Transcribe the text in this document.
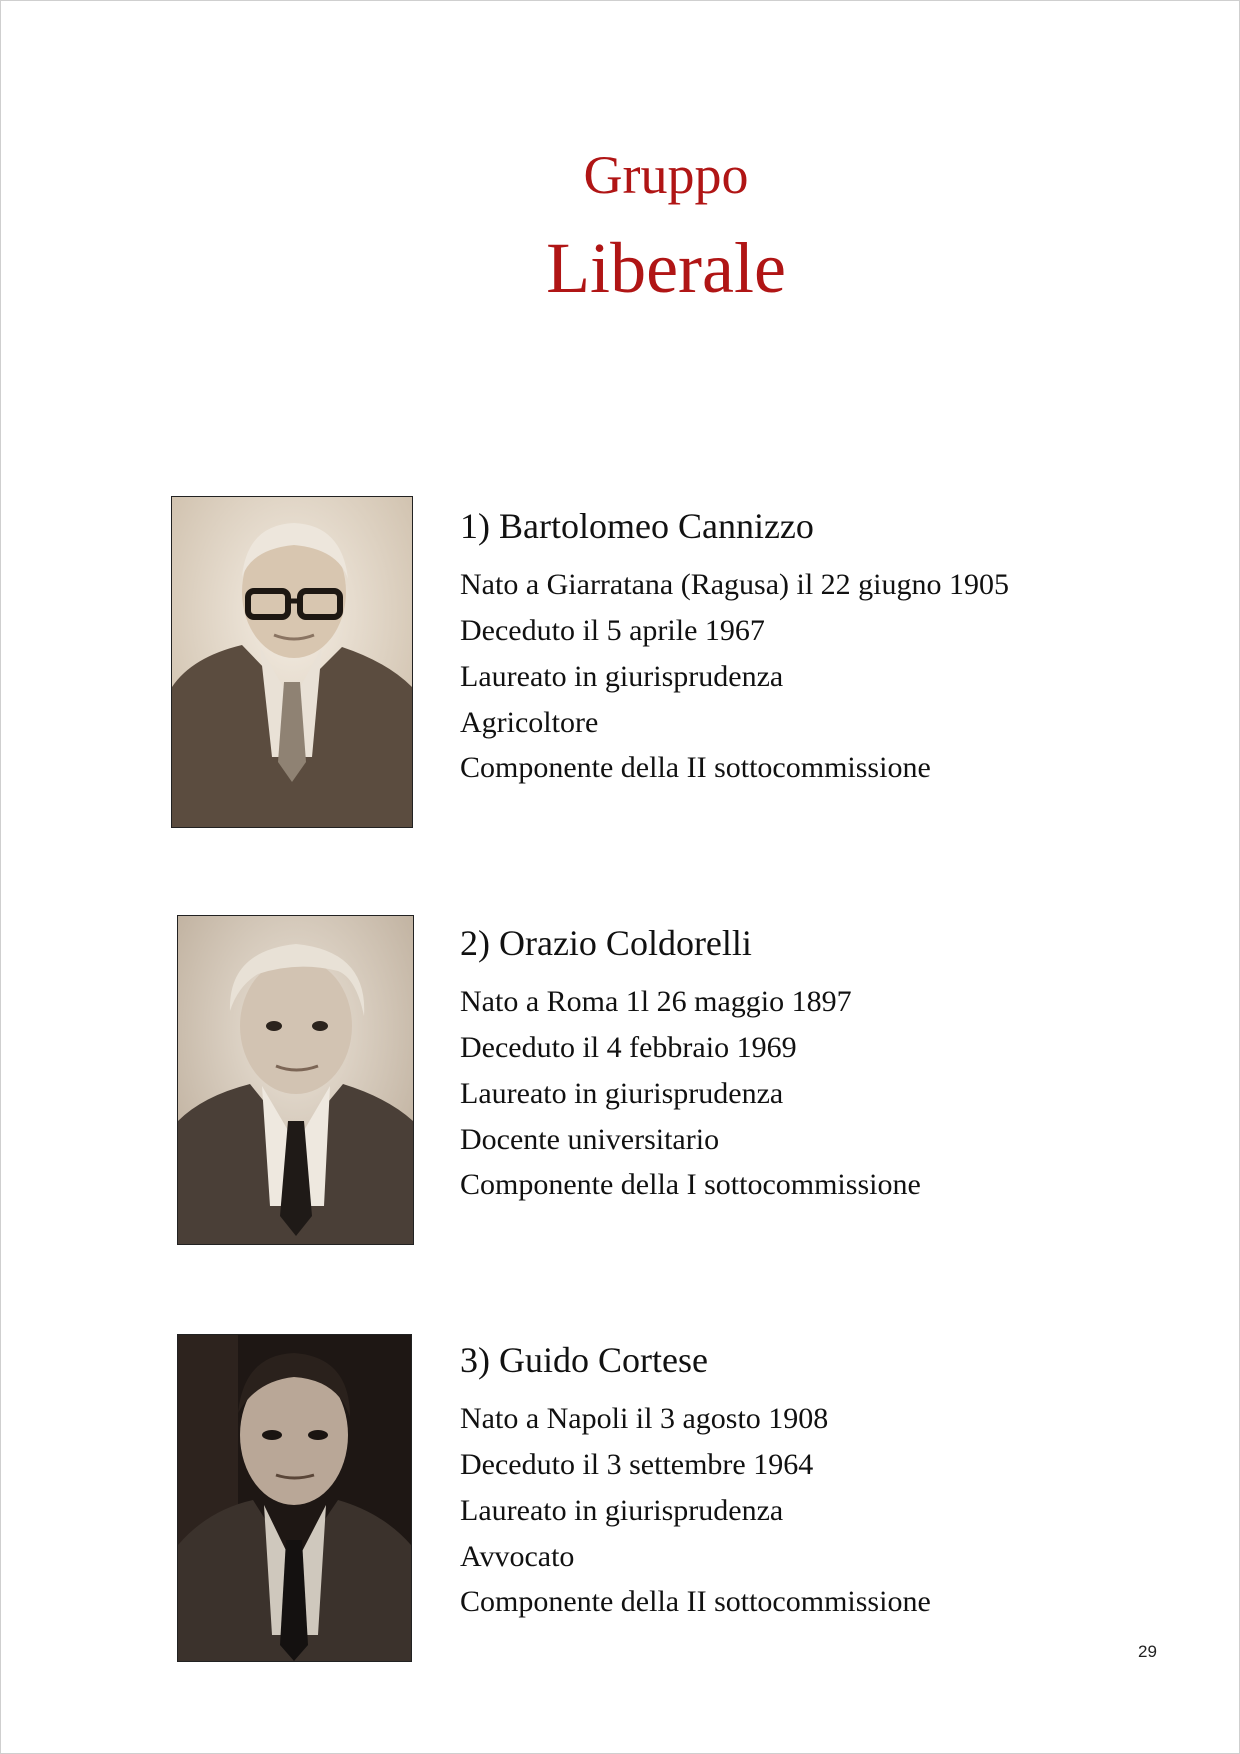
Gruppo
Liberale
1) Bartolomeo Cannizzo
Nato a Giarratana (Ragusa) il 22 giugno 1905
Deceduto il 5 aprile 1967
Laureato in giurisprudenza
Agricoltore
Componente della II sottocommissione
2) Orazio Coldorelli
Nato a Roma 1l 26 maggio 1897
Deceduto il 4 febbraio 1969
Laureato in giurisprudenza
Docente universitario
Componente della I sottocommissione
3) Guido Cortese
Nato a Napoli il 3 agosto 1908
Deceduto il 3 settembre 1964
Laureato in giurisprudenza
Avvocato
Componente della II sottocommissione
29
